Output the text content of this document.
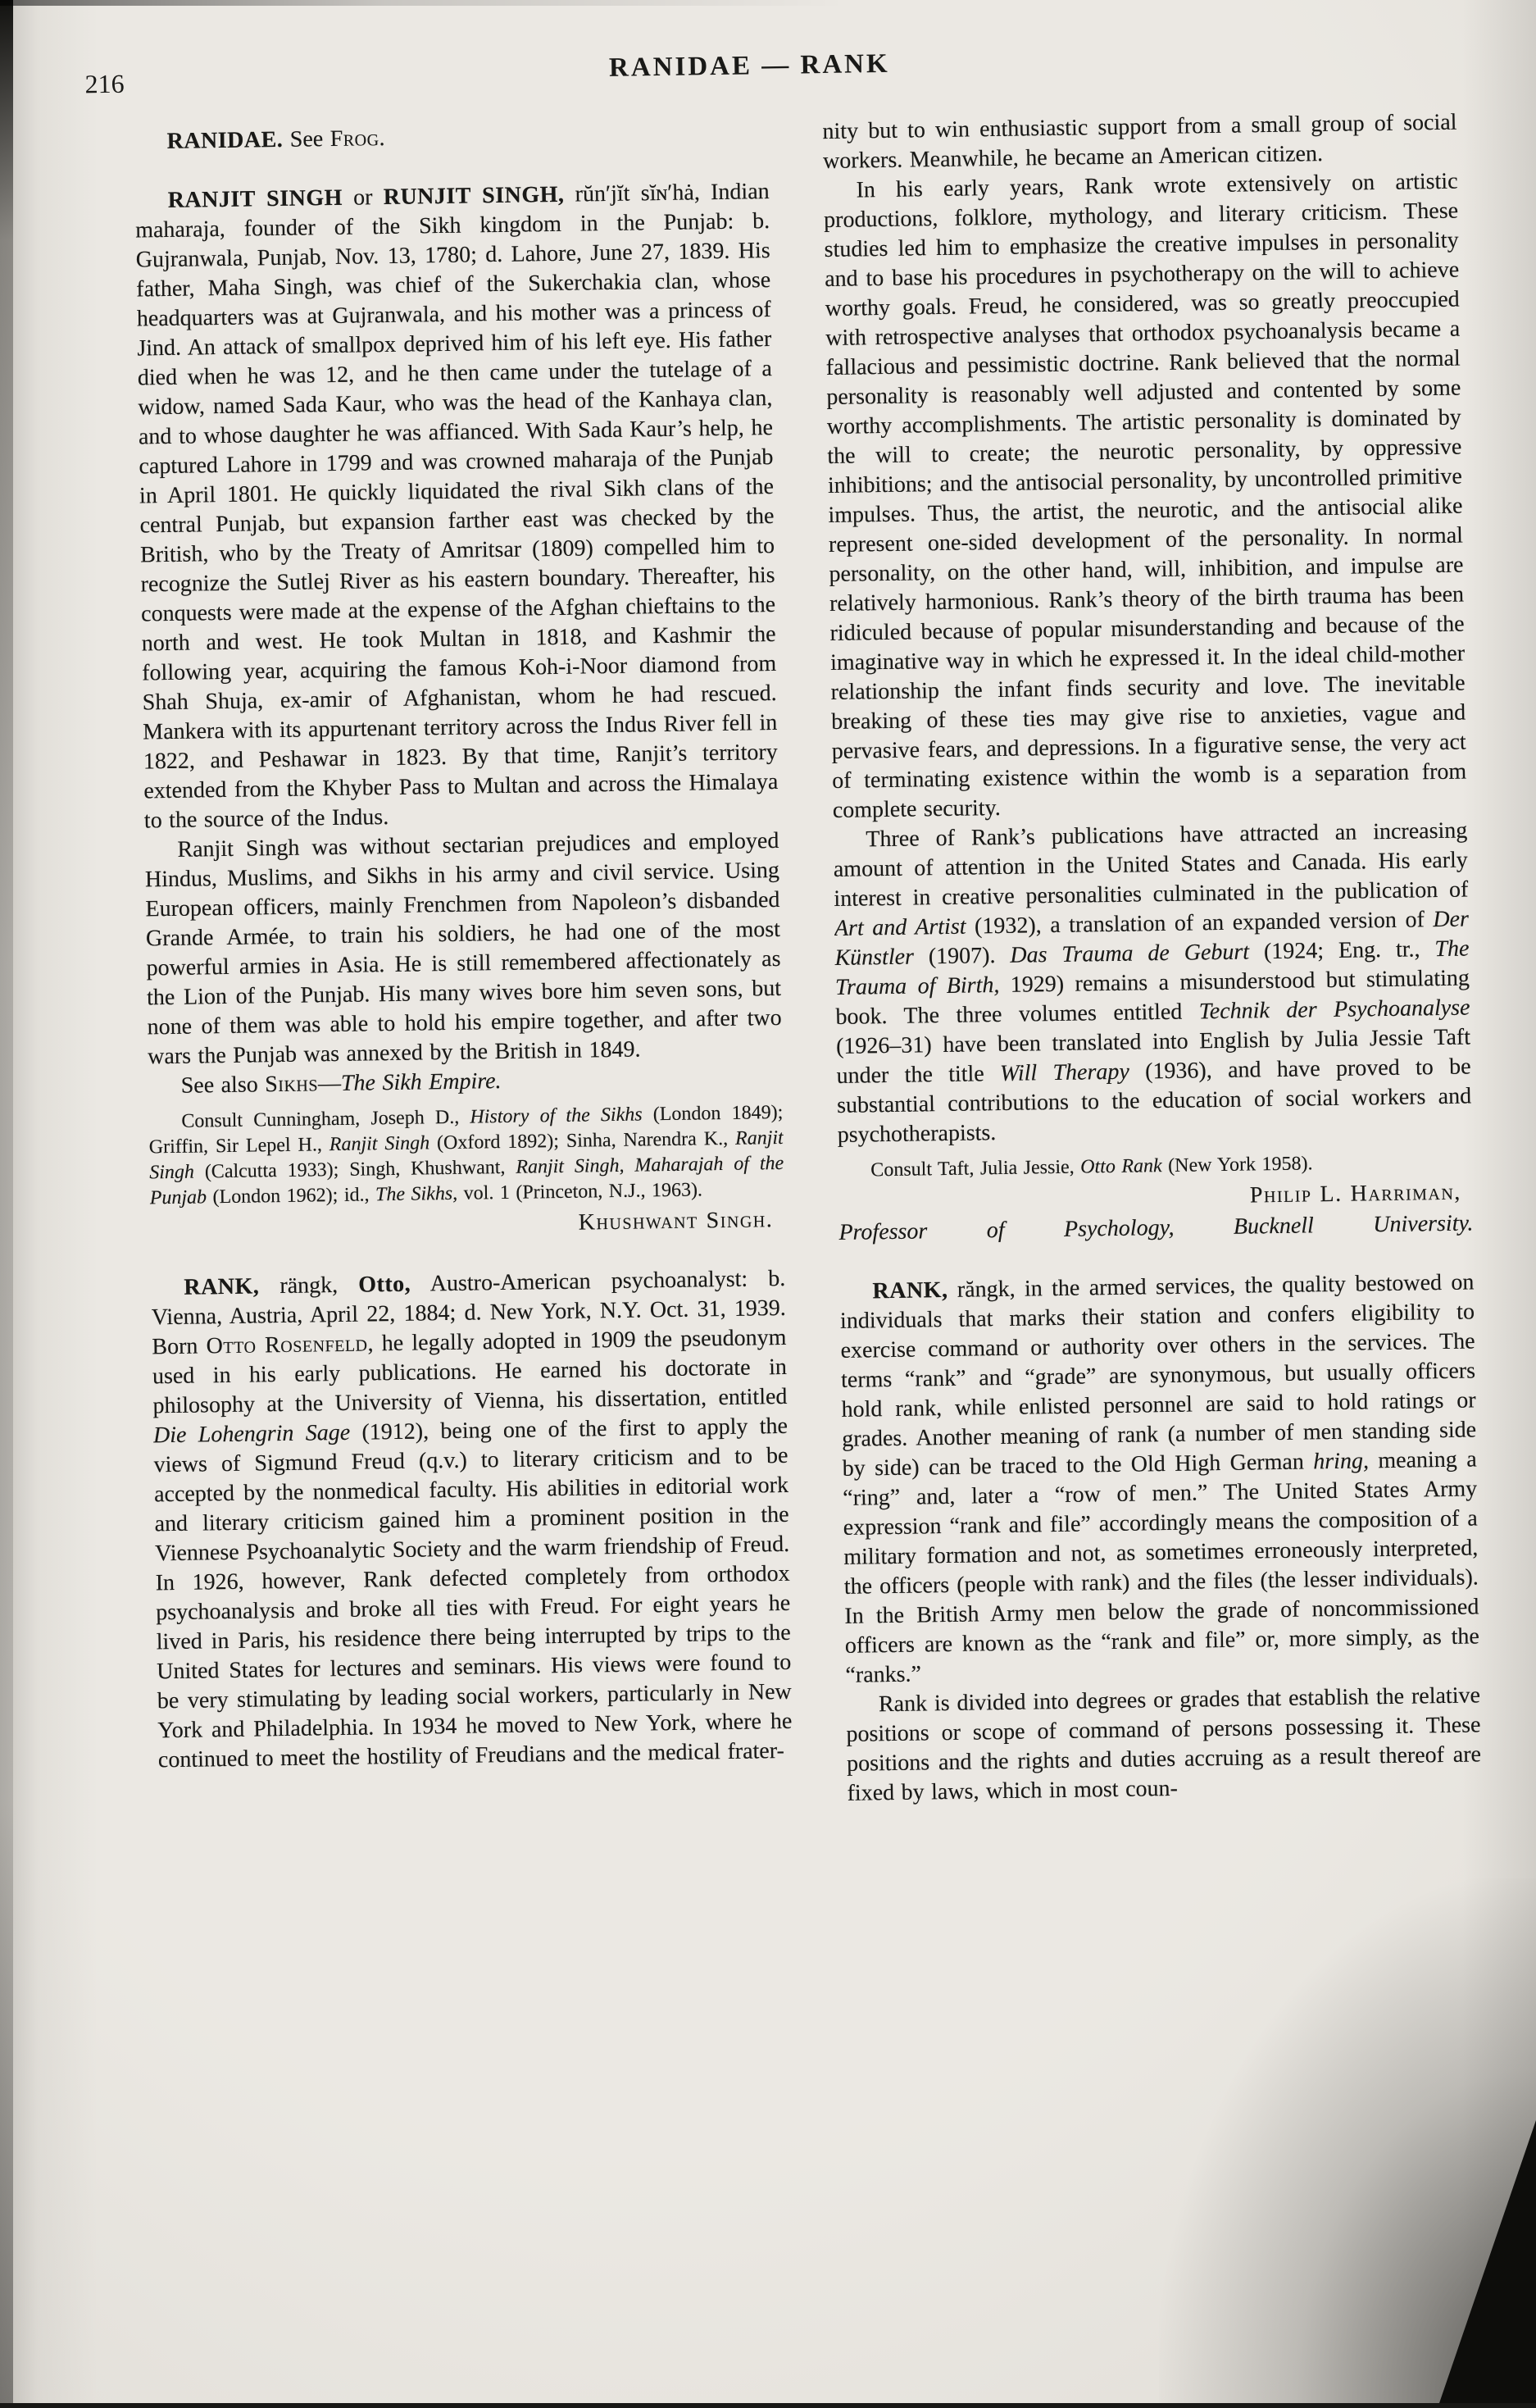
216
RANIDAE — RANK

RANIDAE. See Frog.

RANJIT SINGH or RUNJIT SINGH, rŭn′jĭt sĭɴ′hȧ, Indian maharaja, founder of the Sikh kingdom in the Punjab: b. Gujranwala, Punjab, Nov. 13, 1780; d. Lahore, June 27, 1839. His father, Maha Singh, was chief of the Sukerchakia clan, whose headquarters was at Gujranwala, and his mother was a princess of Jind. An attack of smallpox deprived him of his left eye. His father died when he was 12, and he then came under the tutelage of a widow, named Sada Kaur, who was the head of the Kanhaya clan, and to whose daughter he was affianced. With Sada Kaur’s help, he captured Lahore in 1799 and was crowned maharaja of the Punjab in April 1801. He quickly liquidated the rival Sikh clans of the central Punjab, but expansion farther east was checked by the British, who by the Treaty of Amritsar (1809) compelled him to recognize the Sutlej River as his eastern boundary. Thereafter, his conquests were made at the expense of the Afghan chieftains to the north and west. He took Multan in 1818, and Kashmir the following year, acquiring the famous Koh-i-Noor diamond from Shah Shuja, ex-amir of Afghanistan, whom he had rescued. Mankera with its appurtenant territory across the Indus River fell in 1822, and Peshawar in 1823. By that time, Ranjit’s territory extended from the Khyber Pass to Multan and across the Himalaya to the source of the Indus.

Ranjit Singh was without sectarian prejudices and employed Hindus, Muslims, and Sikhs in his army and civil service. Using European officers, mainly Frenchmen from Napoleon’s disbanded Grande Armée, to train his soldiers, he had one of the most powerful armies in Asia. He is still remembered affectionately as the Lion of the Punjab. His many wives bore him seven sons, but none of them was able to hold his empire together, and after two wars the Punjab was annexed by the British in 1849.

See also Sikhs—The Sikh Empire.

Consult Cunningham, Joseph D., History of the Sikhs (London 1849); Griffin, Sir Lepel H., Ranjit Singh (Oxford 1892); Sinha, Narendra K., Ranjit Singh (Calcutta 1933); Singh, Khushwant, Ranjit Singh, Maharajah of the Punjab (London 1962); id., The Sikhs, vol. 1 (Princeton, N.J., 1963).

Khushwant Singh.

RANK, rängk, Otto, Austro-American psychoanalyst: b. Vienna, Austria, April 22, 1884; d. New York, N.Y. Oct. 31, 1939. Born Otto Rosenfeld, he legally adopted in 1909 the pseudonym used in his early publications. He earned his doctorate in philosophy at the University of Vienna, his dissertation, entitled Die Lohengrin Sage (1912), being one of the first to apply the views of Sigmund Freud (q.v.) to literary criticism and to be accepted by the nonmedical faculty. His abilities in editorial work and literary criticism gained him a prominent position in the Viennese Psychoanalytic Society and the warm friendship of Freud. In 1926, however, Rank defected completely from orthodox psychoanalysis and broke all ties with Freud. For eight years he lived in Paris, his residence there being interrupted by trips to the United States for lectures and seminars. His views were found to be very stimulating by leading social workers, particularly in New York and Philadelphia. In 1934 he moved to New York, where he continued to meet the hostility of Freudians and the medical frater-

nity but to win enthusiastic support from a small group of social workers. Meanwhile, he became an American citizen.

In his early years, Rank wrote extensively on artistic productions, folklore, mythology, and literary criticism. These studies led him to emphasize the creative impulses in personality and to base his procedures in psychotherapy on the will to achieve worthy goals. Freud, he considered, was so greatly preoccupied with retrospective analyses that orthodox psychoanalysis became a fallacious and pessimistic doctrine. Rank believed that the normal personality is reasonably well adjusted and contented by some worthy accomplishments. The artistic personality is dominated by the will to create; the neurotic personality, by oppressive inhibitions; and the antisocial personality, by uncontrolled primitive impulses. Thus, the artist, the neurotic, and the antisocial alike represent one-sided development of the personality. In normal personality, on the other hand, will, inhibition, and impulse are relatively harmonious. Rank’s theory of the birth trauma has been ridiculed because of popular misunderstanding and because of the imaginative way in which he expressed it. In the ideal child-mother relationship the infant finds security and love. The inevitable breaking of these ties may give rise to anxieties, vague and pervasive fears, and depressions. In a figurative sense, the very act of terminating existence within the womb is a separation from complete security.

Three of Rank’s publications have attracted an increasing amount of attention in the United States and Canada. His early interest in creative personalities culminated in the publication of Art and Artist (1932), a translation of an expanded version of Der Künstler (1907). Das Trauma de Geburt (1924; Eng. tr., The Trauma of Birth, 1929) remains a misunderstood but stimulating book. The three volumes entitled Technik der Psychoanalyse (1926–31) have been translated into English by Julia Jessie Taft under the title Will Therapy (1936), and have proved to be substantial contributions to the education of social workers and psychotherapists.

Consult Taft, Julia Jessie, Otto Rank (New York 1958).

Philip L. Harriman,

Professor of Psychology, Bucknell University.

RANK, răngk, in the armed services, the quality bestowed on individuals that marks their station and confers eligibility to exercise command or authority over others in the services. The terms “rank” and “grade” are synonymous, but usually officers hold rank, while enlisted personnel are said to hold ratings or grades. Another meaning of rank (a number of men standing side by side) can be traced to the Old High German hring, meaning a “ring” and, later a “row of men.” The United States Army expression “rank and file” accordingly means the composition of a military formation and not, as sometimes erroneously interpreted, the officers (people with rank) and the files (the lesser individuals). In the British Army men below the grade of noncommissioned officers are known as the “rank and file” or, more simply, as the “ranks.”

Rank is divided into degrees or grades that establish the relative positions or scope of command of persons possessing it. These positions and the rights and duties accruing as a result thereof are fixed by laws, which in most coun-
